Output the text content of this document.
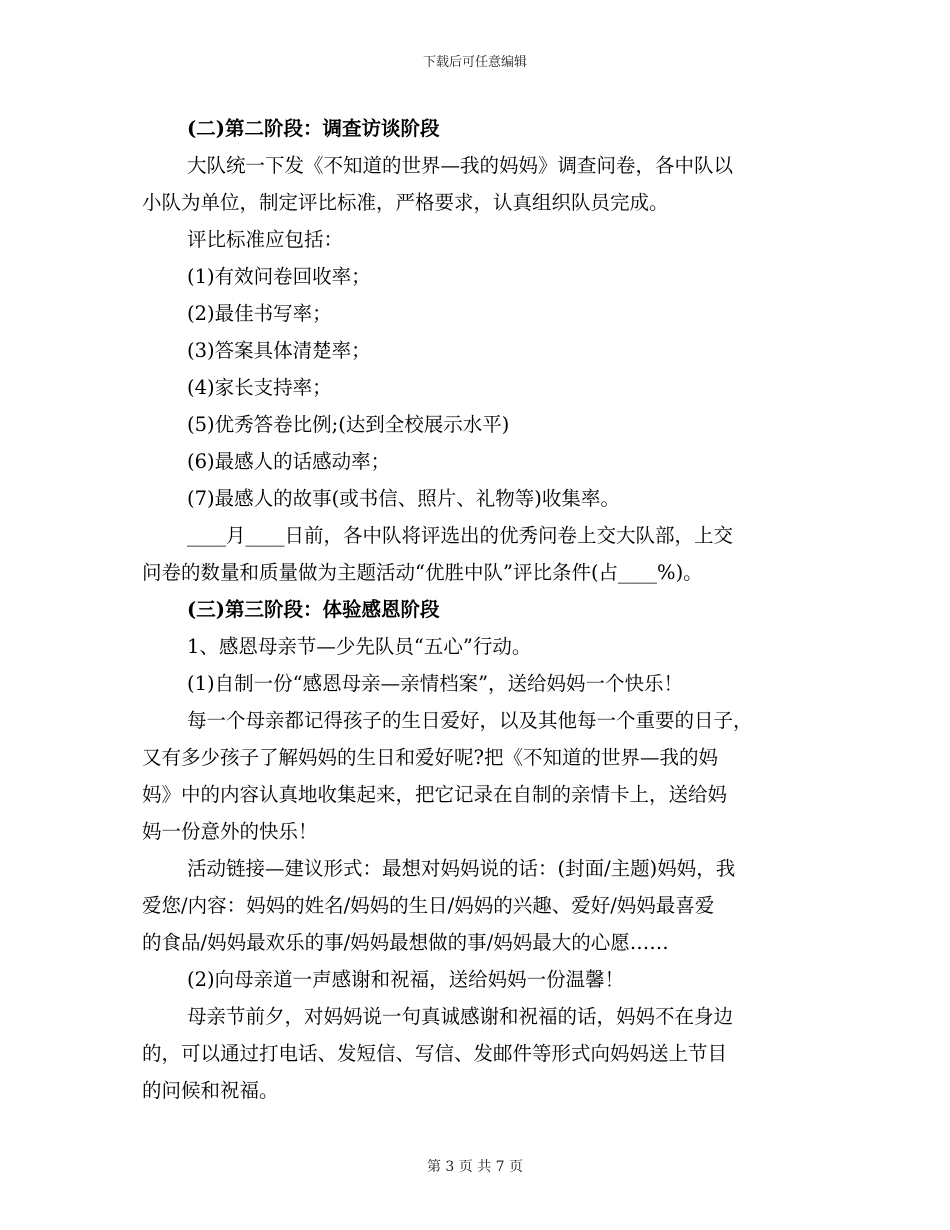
下载后可任意编辑
(二)第二阶段：调查访谈阶段
大队统一下发《不知道的世界—我的妈妈》调查问卷，各中队以
小队为单位，制定评比标准，严格要求，认真组织队员完成。
评比标准应包括：
(1)有效问卷回收率；
(2)最佳书写率；
(3)答案具体清楚率；
(4)家长支持率；
(5)优秀答卷比例;(达到全校展示水平)
(6)最感人的话感动率；
(7)最感人的故事(或书信、照片、礼物等)收集率。
____月____日前，各中队将评选出的优秀问卷上交大队部，上交
问卷的数量和质量做为主题活动“优胜中队”评比条件(占____%)。
(三)第三阶段：体验感恩阶段
1、感恩母亲节—少先队员“五心”行动。
(1)自制一份“感恩母亲—亲情档案”，送给妈妈一个快乐！
每一个母亲都记得孩子的生日爱好，以及其他每一个重要的日子，
又有多少孩子了解妈妈的生日和爱好呢?把《不知道的世界—我的妈
妈》中的内容认真地收集起来，把它记录在自制的亲情卡上，送给妈
妈一份意外的快乐！
活动链接—建议形式：最想对妈妈说的话：(封面/主题)妈妈，我
爱您/内容：妈妈的姓名/妈妈的生日/妈妈的兴趣、爱好/妈妈最喜爱
的食品/妈妈最欢乐的事/妈妈最想做的事/妈妈最大的心愿……
(2)向母亲道一声感谢和祝福，送给妈妈一份温馨！
母亲节前夕，对妈妈说一句真诚感谢和祝福的话，妈妈不在身边
的，可以通过打电话、发短信、写信、发邮件等形式向妈妈送上节目
的问候和祝福。
第 3 页 共 7 页
